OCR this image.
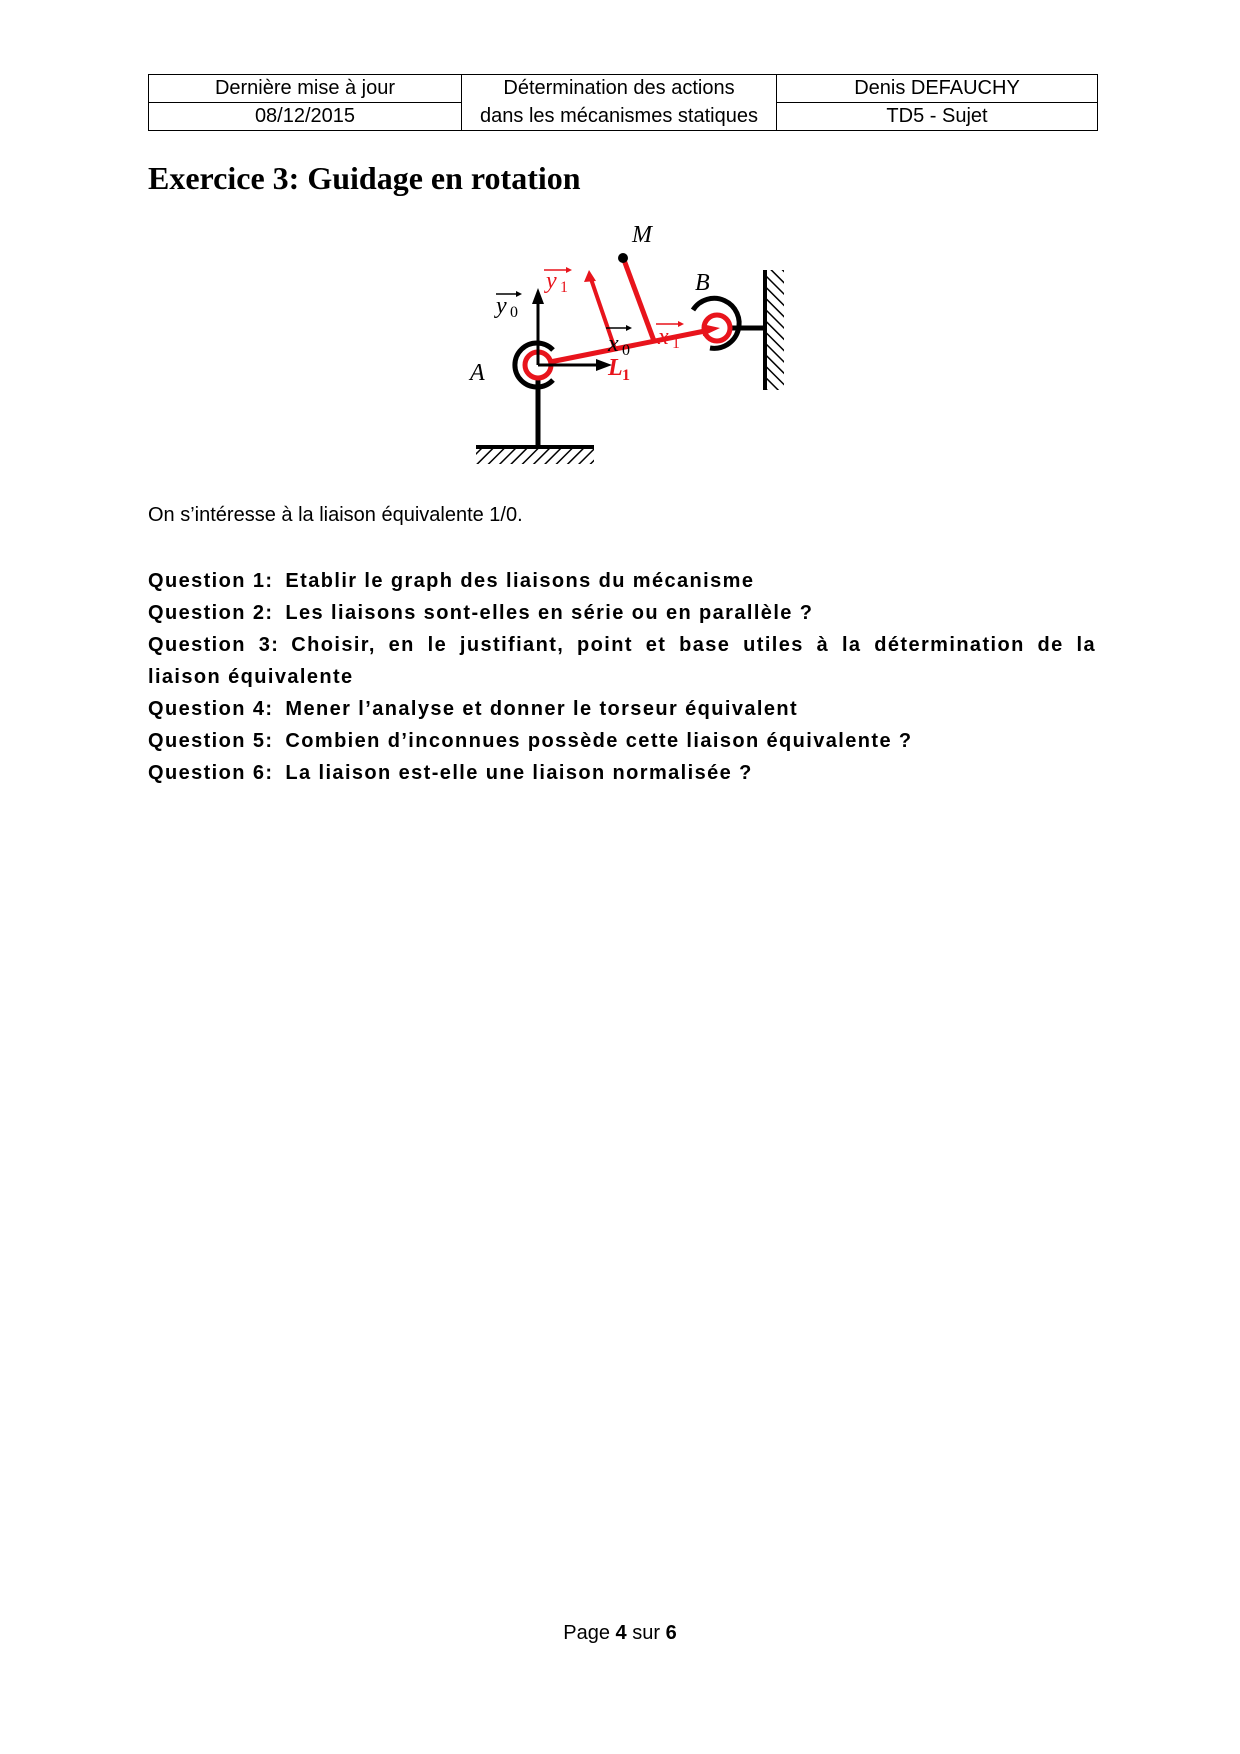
Dernière mise à jour	Détermination des actions	Denis DEFAUCHY
08/12/2015	dans les mécanismes statiques	TD5 - Sujet
Exercice 3: Guidage en rotation
M
B
A
y 0
y 1
x 0
L 1
x 1

On s’intéresse à la liaison équivalente 1/0.

Question 1: Etablir le graph des liaisons du mécanisme

Question 2: Les liaisons sont-elles en série ou en parallèle ?

Question 3: Choisir, en le justifiant, point et base utiles à la détermination de la liaison équivalente

Question 4: Mener l’analyse et donner le torseur équivalent

Question 5: Combien d’inconnues possède cette liaison équivalente ?

Question 6: La liaison est-elle une liaison normalisée ?

Page 4 sur 6
